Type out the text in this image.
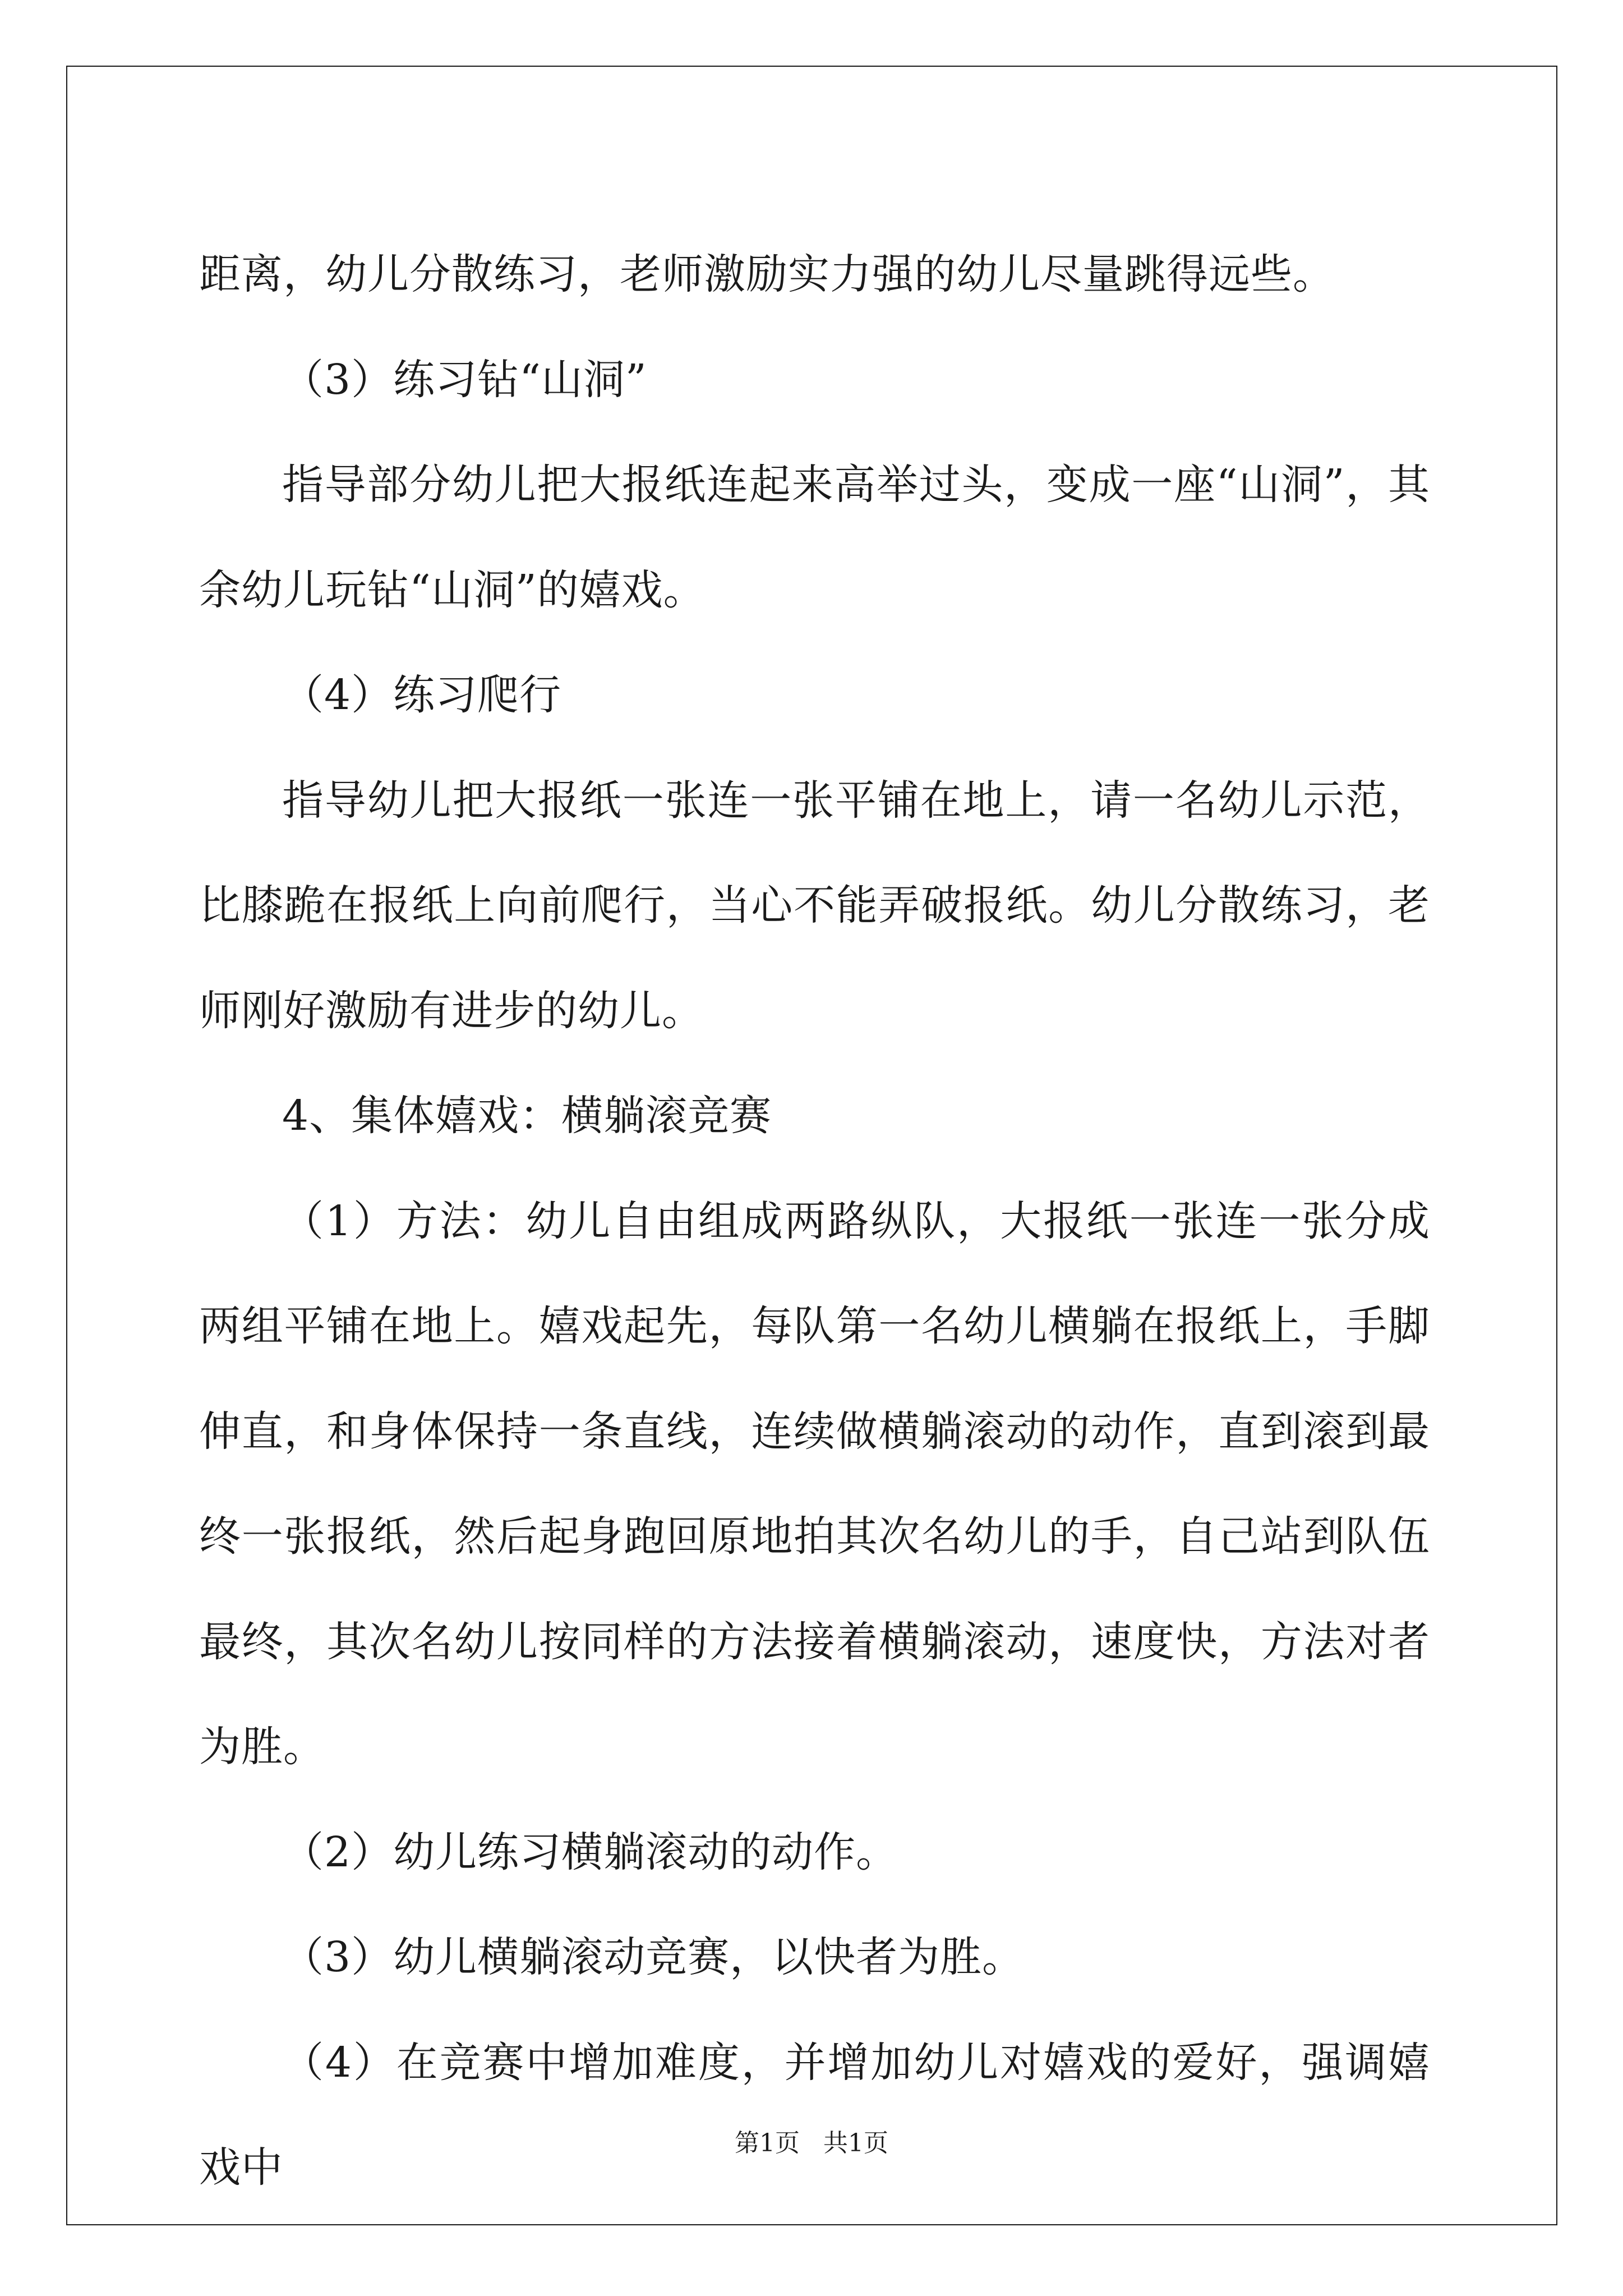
距离，幼儿分散练习，老师激励实力强的幼儿尽量跳得远些。

（3）练习钻“山洞”

指导部分幼儿把大报纸连起来高举过头，变成一座“山洞”，其余幼儿玩钻“山洞”的嬉戏。

（4）练习爬行

指导幼儿把大报纸一张连一张平铺在地上，请一名幼儿示范，比膝跪在报纸上向前爬行，当心不能弄破报纸。幼儿分散练习，老师刚好激励有进步的幼儿。

4、集体嬉戏：横躺滚竞赛

（1）方法：幼儿自由组成两路纵队，大报纸一张连一张分成两组平铺在地上。嬉戏起先，每队第一名幼儿横躺在报纸上，手脚伸直，和身体保持一条直线，连续做横躺滚动的动作，直到滚到最终一张报纸，然后起身跑回原地拍其次名幼儿的手，自己站到队伍最终，其次名幼儿按同样的方法接着横躺滚动，速度快，方法对者为胜。

（2）幼儿练习横躺滚动的动作。

（3）幼儿横躺滚动竞赛，以快者为胜。

（4）在竞赛中增加难度，并增加幼儿对嬉戏的爱好，强调嬉戏中

第1页 共1页
